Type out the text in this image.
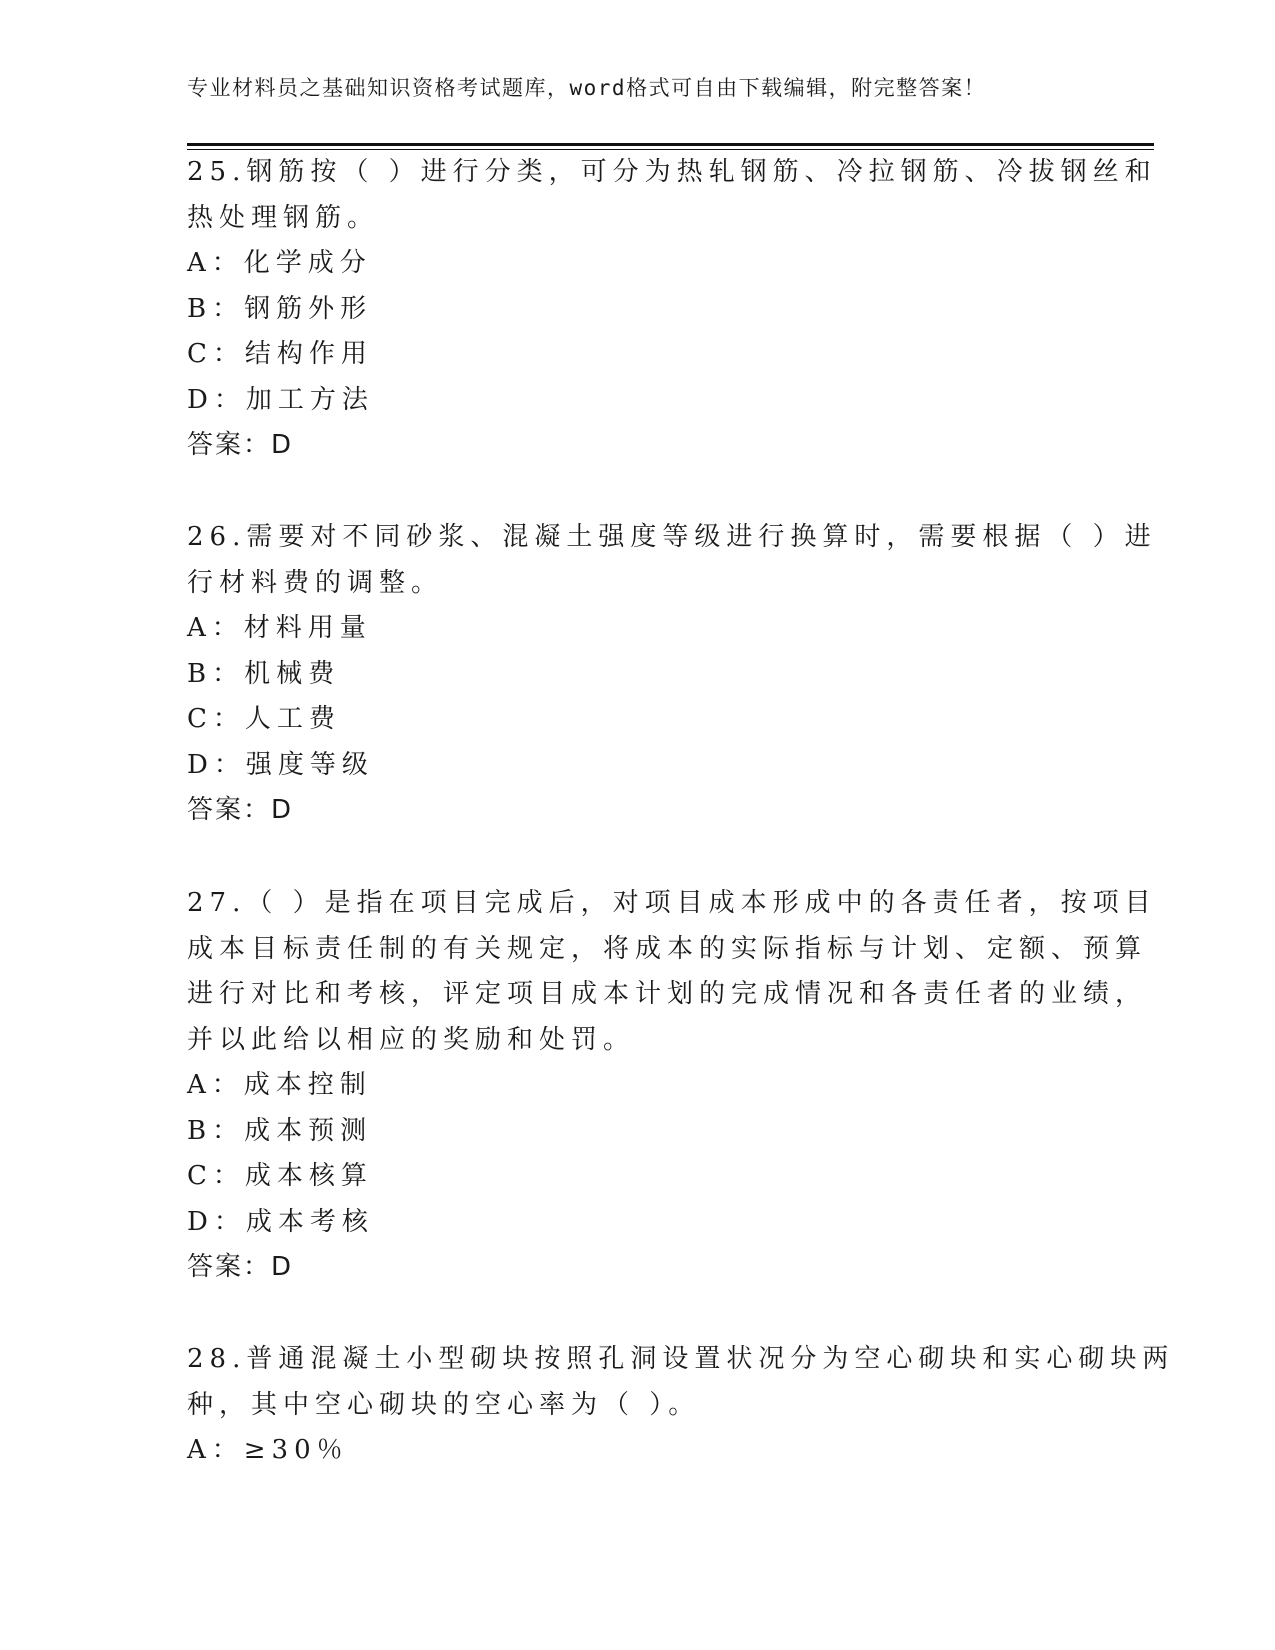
专业材料员之基础知识资格考试题库，word格式可自由下载编辑，附完整答案！
25.钢筋按（ ）进行分类，可分为热轧钢筋、冷拉钢筋、冷拔钢丝和
热处理钢筋。
A：化学成分
B：钢筋外形
C：结构作用
D：加工方法
答案：D
26.需要对不同砂浆、混凝土强度等级进行换算时，需要根据（ ）进
行材料费的调整。
A：材料用量
B：机械费
C：人工费
D：强度等级
答案：D
27.（ ）是指在项目完成后，对项目成本形成中的各责任者，按项目
成本目标责任制的有关规定，将成本的实际指标与计划、定额、预算
进行对比和考核，评定项目成本计划的完成情况和各责任者的业绩，
并以此给以相应的奖励和处罚。
A：成本控制
B：成本预测
C：成本核算
D：成本考核
答案：D
28.普通混凝土小型砌块按照孔洞设置状况分为空心砌块和实心砌块两
种，其中空心砌块的空心率为（ ）。
A：≥30％
